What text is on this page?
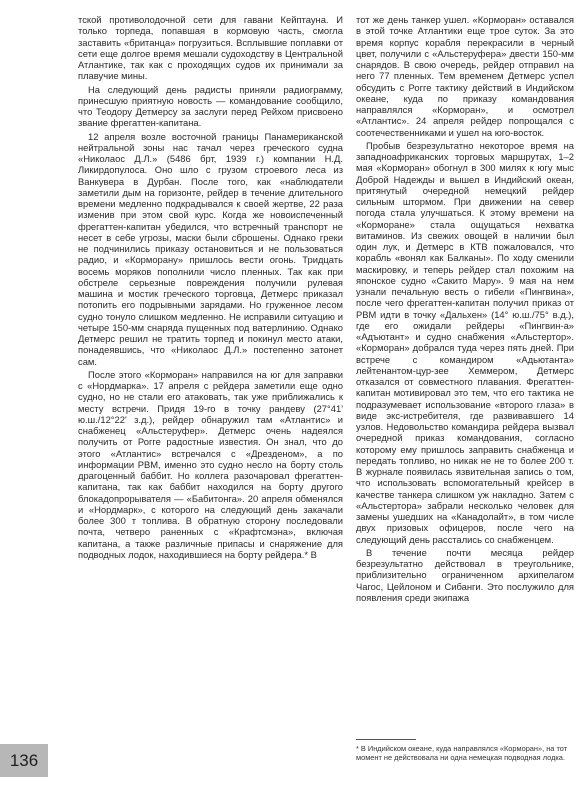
тской противолодочной сети для гавани Кейптауна. И только торпеда, попавшая в кормовую часть, смогла заставить «британца» погрузиться. Всплывшие поплавки от сети еще долгое время мешали судоходству в Центральной Атлантике, так как с проходящих судов их принимали за плавучие мины.

На следующий день радисты приняли радиограмму, принесшую приятную новость — командование сообщило, что Теодору Детмерсу за заслуги перед Рейхом присвоено звание фрегаттен-капитана.

12 апреля возле восточной границы Панамериканской нейтральной зоны нас тачал через греческого судна «Николаос Д.Л.» (5486 брт, 1939 г.) компании Н.Д. Ликирдопулоса. Оно шло с грузом строевого леса из Ванкувера в Дурбан. После того, как «наблюдатели заметили дым на горизонте, рейдер в течение длительного времени медленно подкрадывался к своей жертве, 22 раза изменив при этом свой курс. Когда же новоиспеченный фрегаттен-капитан убедился, что встречный транспорт не несет в себе угрозы, маски были сброшены. Однако греки не подчинились приказу остановиться и не пользоваться радио, и «Корморану» пришлось вести огонь. Тридцать восемь моряков пополнили число пленных. Так как при обстреле серьезные повреждения получили рулевая машина и мостик греческого торговца, Детмерс приказал потопить его подрывными зарядами. Но груженное лесом судно тонуло слишком медленно. Не исправили ситуацию и четыре 150-мм снаряда пущенных под ватерлинию. Однако Детмерс решил не тратить торпед и покинул место атаки, понадеявшись, что «Николаос Д.Л.» постепенно затонет сам.

После этого «Корморан» направился на юг для заправки с «Нордмарка». 17 апреля с рейдера заметили еще одно судно, но не стали его атаковать, так уже приближались к месту встречи. Придя 19-го в точку рандеву (27°41' ю.ш./12°22' з.д.), рейдер обнаружил там «Атлантис» и снабженец «Альстеруфер». Детмерс очень надеялся получить от Рогге радостные известия. Он знал, что до этого «Атлантис» встречался с «Дрезденом», а по информации РВМ, именно это судно несло на борту столь драгоценный баббит. Но коллега разочаровал фрегаттен-капитана, так как баббит находился на борту другого блокадопрорывателя — «Бабитонга». 20 апреля обменялся и «Нордмарк», с которого на следующий день закачали более 300 т топлива. В обратную сторону последовали почта, четверо раненных с «Крафтсмэна», включая капитана, а также различные припасы и снаряжение для подводных лодок, находившиеся на борту рейдера.* В

тот же день танкер ушел. «Корморан» оставался в этой точке Атлантики еще трое суток. За это время корпус корабля перекрасили в черный цвет, получили с «Альстеруфера» двести 150-мм снарядов. В свою очередь, рейдер отправил на него 77 пленных. Тем временем Детмерс успел обсудить с Рогге тактику действий в Индийском океане, куда по приказу командования направлялся «Корморан», и осмотрел «Атлантис». 24 апреля рейдер попрощался с соотечественниками и ушел на юго-восток.

Пробыв безрезультатно некоторое время на западноафриканских торговых маршрутах, 1–2 мая «Корморан» обогнул в 300 милях к югу мыс Доброй Надежды и вышел в Индийский океан, притянутый очередной немецкий рейдер сильным штормом. При движении на север погода стала улучшаться. К этому времени на «Корморане» стала ощущаться нехватка витаминов. Из свежих овощей в наличии был один лук, и Детмерс в КТВ пожаловался, что корабль «вонял как Балканы». По ходу сменили маскировку, и теперь рейдер стал похожим на японское судно «Сакито Мару». 9 мая на нем узнали печальную весть о гибели «Пингвина», после чего фрегаттен-капитан получил приказ от РВМ идти в точку «Дальхен» (14° ю.ш./75° в.д.), где его ожидали рейдеры «Пингвин-а» «Адъютант» и судно снабжения «Альстертор». «Корморан» добрался туда через пять дней. При встрече с командиром «Адьютанта» лейтенантом-цур-зее Хеммером, Детмерс отказался от совместного плавания. Фрегаттен-капитан мотивировал это тем, что его тактика не подразумевает использование «второго глаза» в виде экс-истребителя, где развивавшего 14 узлов. Недовольство командира рейдера вызвал очередной приказ командования, согласно которому ему пришлось заправить снабженца и передать топливо, но никак не не то более 200 т. В журнале появилась язвительная запись о том, что использовать вспомогательный крейсер в качестве танкера слишком уж накладно. Затем с «Альстертора» забрали несколько человек для замены ушедших на «Канадолайт», в том числе двух призовых офицеров, после чего на следующий день расстались со снабженцем.

В течение почти месяца рейдер безрезультатно действовал в треугольнике, приблизительно ограниченном архипелагом Чагос, Цейлоном и Сибанги. Это послужило для появления среди экипажа

* В Индийском океане, куда направлялся «Корморан», на тот момент не действовала ни одна немецкая подводная лодка.
136
